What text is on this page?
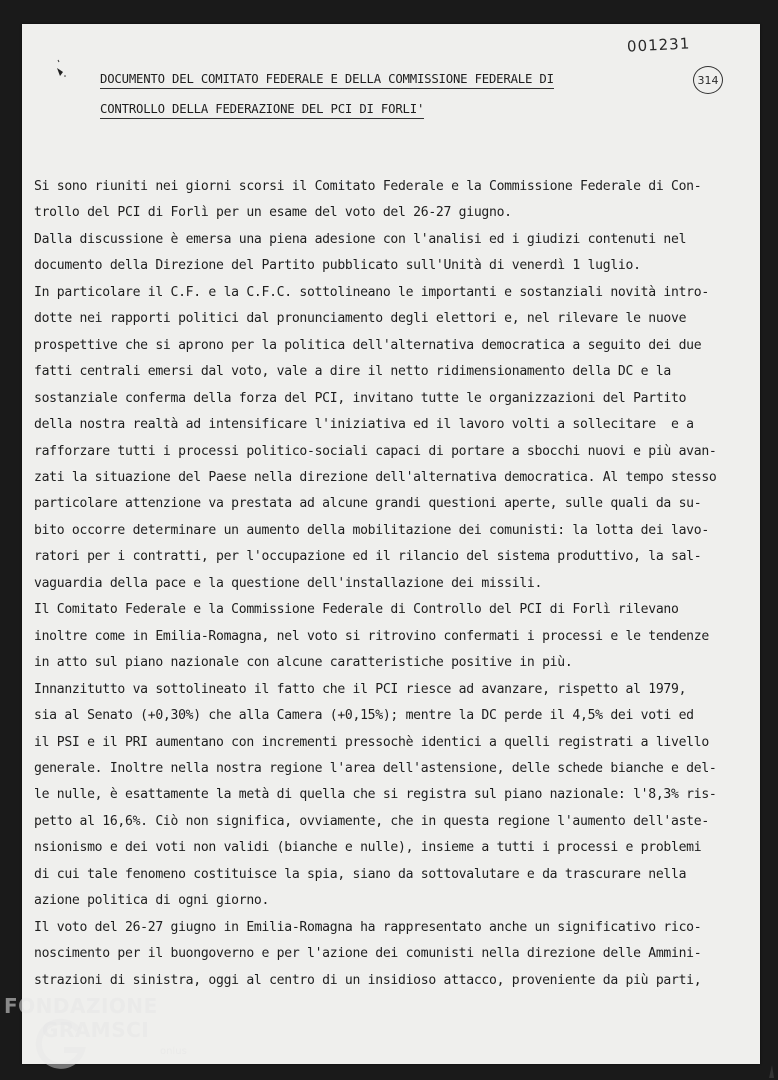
001231
314
DOCUMENTO DEL COMITATO FEDERALE E DELLA COMMISSIONE FEDERALE DI
CONTROLLO DELLA FEDERAZIONE DEL PCI DI FORLI'
Si sono riuniti nei giorni scorsi il Comitato Federale e la Commissione Federale di Con-
trollo del PCI di Forlì per un esame del voto del 26-27 giugno.
Dalla discussione è emersa una piena adesione con l'analisi ed i giudizi contenuti nel
documento della Direzione del Partito pubblicato sull'Unità di venerdì 1 luglio.
In particolare il C.F. e la C.F.C. sottolineano le importanti e sostanziali novità intro-
dotte nei rapporti politici dal pronunciamento degli elettori e, nel rilevare le nuove
prospettive che si aprono per la politica dell'alternativa democratica a seguito dei due
fatti centrali emersi dal voto, vale a dire il netto ridimensionamento della DC e la
sostanziale conferma della forza del PCI, invitano tutte le organizzazioni del Partito
della nostra realtà ad intensificare l'iniziativa ed il lavoro volti a sollecitare  e a
rafforzare tutti i processi politico-sociali capaci di portare a sbocchi nuovi e più avan-
zati la situazione del Paese nella direzione dell'alternativa democratica. Al tempo stesso
particolare attenzione va prestata ad alcune grandi questioni aperte, sulle quali da su-
bito occorre determinare un aumento della mobilitazione dei comunisti: la lotta dei lavo-
ratori per i contratti, per l'occupazione ed il rilancio del sistema produttivo, la sal-
vaguardia della pace e la questione dell'installazione dei missili.
Il Comitato Federale e la Commissione Federale di Controllo del PCI di Forlì rilevano
inoltre come in Emilia-Romagna, nel voto si ritrovino confermati i processi e le tendenze
in atto sul piano nazionale con alcune caratteristiche positive in più.
Innanzitutto va sottolineato il fatto che il PCI riesce ad avanzare, rispetto al 1979,
sia al Senato (+0,30%) che alla Camera (+0,15%); mentre la DC perde il 4,5% dei voti ed
il PSI e il PRI aumentano con incrementi pressochè identici a quelli registrati a livello
generale. Inoltre nella nostra regione l'area dell'astensione, delle schede bianche e del-
le nulle, è esattamente la metà di quella che si registra sul piano nazionale: l'8,3% ris-
petto al 16,6%. Ciò non significa, ovviamente, che in questa regione l'aumento dell'aste-
nsionismo e dei voti non validi (bianche e nulle), insieme a tutti i processi e problemi
di cui tale fenomeno costituisce la spia, siano da sottovalutare e da trascurare nella
azione politica di ogni giorno.
Il voto del 26-27 giugno in Emilia-Romagna ha rappresentato anche un significativo rico-
noscimento per il buongoverno e per l'azione dei comunisti nella direzione delle Ammini-
strazioni di sinistra, oggi al centro di un insidioso attacco, proveniente da più parti,
FONDAZIONE
GRAMSCI
onlus
